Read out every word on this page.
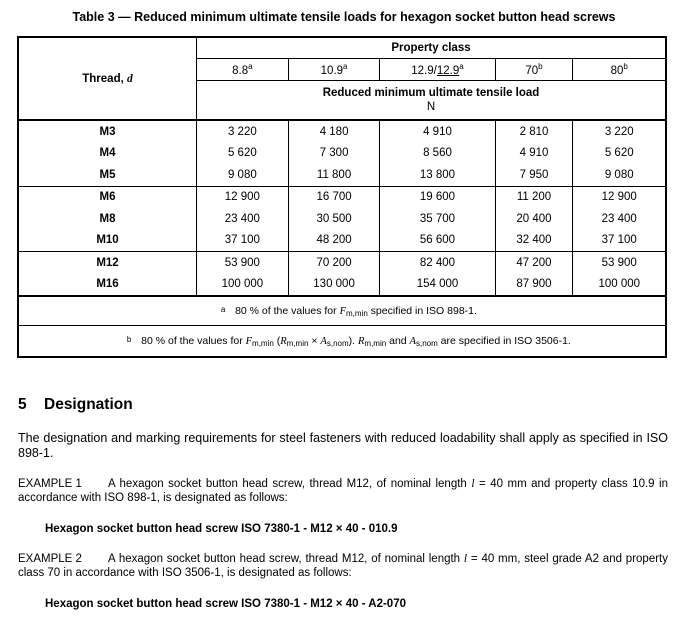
Table 3 — Reduced minimum ultimate tensile loads for hexagon socket button head screws
Thread, d	Property class				
	8.8$^a$	10.9$^a$	12.9/12.9$^a$	70$^b$	80$^b$
	Reduced minimum ultimate tensile load
N				
M3	3 220	4 180	4 910	2 810	3 220
M4	5 620	7 300	8 560	4 910	5 620
M5	9 080	11 800	13 800	7 950	9 080
M6	12 900	16 700	19 600	11 200	12 900
M8	23 400	30 500	35 700	20 400	23 400
M10	37 100	48 200	56 600	32 400	37 100
M12	53 900	70 200	82 400	47 200	53 900
M16	100 000	130 000	154 000	87 900	100 000
a 80 % of the values for $F_{m,min}$ specified in ISO 898-1.					
b 80 % of the values for $F_{m,min}$ $(R_{m,min} \times A_{s,nom})$. $R_{m,min}$ and $A_{s,nom}$ are specified in ISO 3506-1.					
5 Designation
The designation and marking requirements for steel fasteners with reduced loadability shall apply as specified in ISO 898-1.
EXAMPLE 1 A hexagon socket button head screw, thread M12, of nominal length l = 40 mm and property class 10.9 in accordance with ISO 898-1, is designated as follows:
Hexagon socket button head screw ISO 7380-1 - M12 × 40 - 010.9
EXAMPLE 2 A hexagon socket button head screw, thread M12, of nominal length l = 40 mm, steel grade A2 and property class 70 in accordance with ISO 3506-1, is designated as follows:
Hexagon socket button head screw ISO 7380-1 - M12 × 40 - A2-070
